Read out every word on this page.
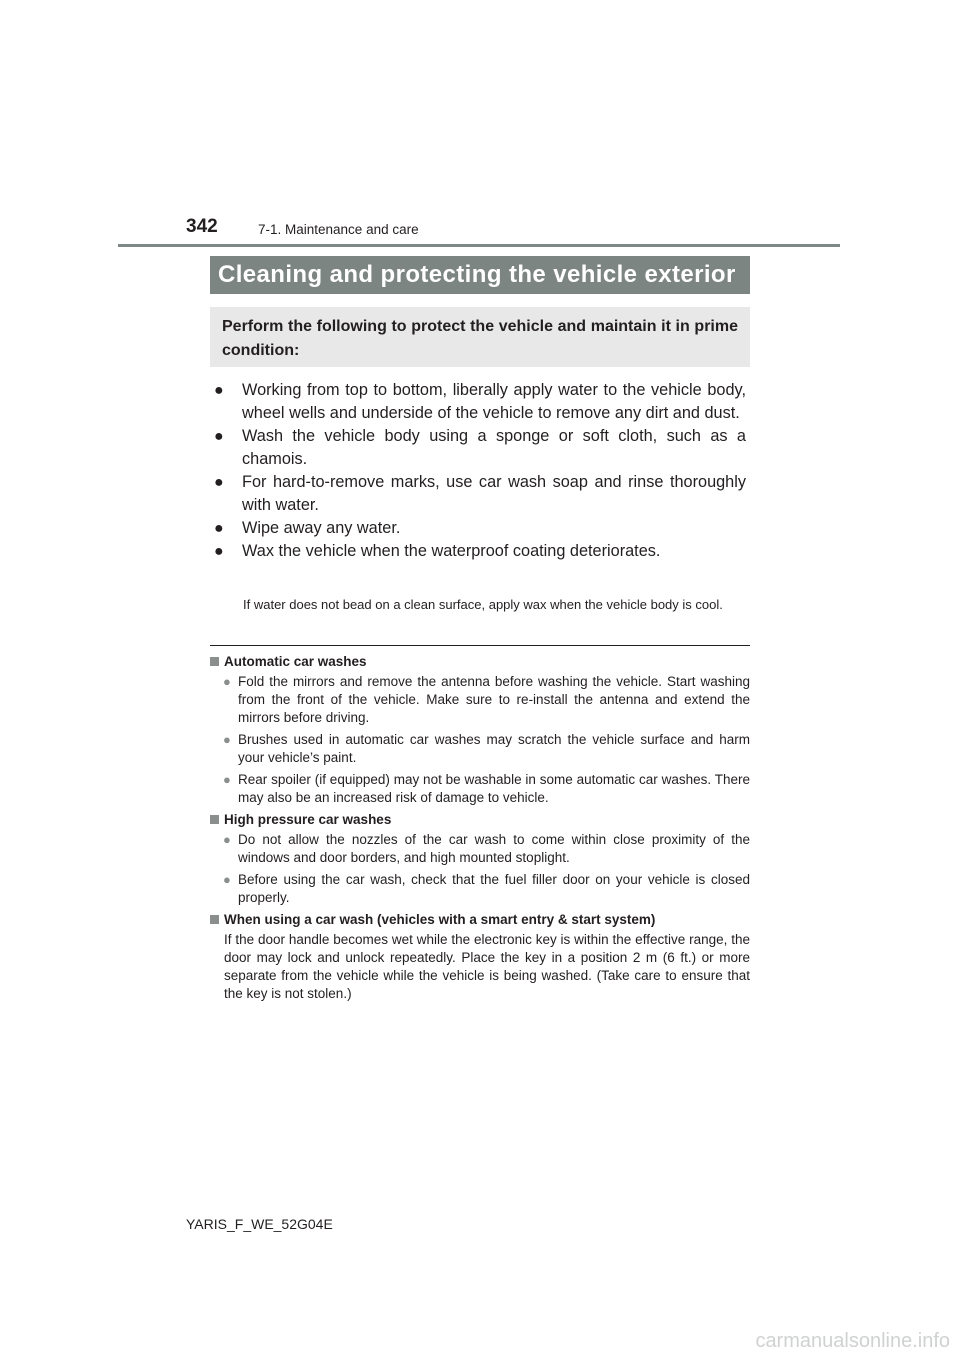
342	7-1. Maintenance and care
Cleaning and protecting the vehicle exterior
Perform the following to protect the vehicle and maintain it in prime condition:
● Working from top to bottom, liberally apply water to the vehicle body, wheel wells and underside of the vehicle to remove any dirt and dust.
● Wash the vehicle body using a sponge or soft cloth, such as a chamois.
● For hard-to-remove marks, use car wash soap and rinse thoroughly with water.
● Wipe away any water.
● Wax the vehicle when the waterproof coating deteriorates.
If water does not bead on a clean surface, apply wax when the vehicle body is cool.
Automatic car washes
● Fold the mirrors and remove the antenna before washing the vehicle. Start washing from the front of the vehicle. Make sure to re-install the antenna and extend the mirrors before driving.
● Brushes used in automatic car washes may scratch the vehicle surface and harm your vehicle’s paint.
● Rear spoiler (if equipped) may not be washable in some automatic car washes. There may also be an increased risk of damage to vehicle.
High pressure car washes
● Do not allow the nozzles of the car wash to come within close proximity of the windows and door borders, and high mounted stoplight.
● Before using the car wash, check that the fuel filler door on your vehicle is closed properly.
When using a car wash (vehicles with a smart entry & start system)
If the door handle becomes wet while the electronic key is within the effective range, the door may lock and unlock repeatedly. Place the key in a position 2 m (6 ft.) or more separate from the vehicle while the vehicle is being washed. (Take care to ensure that the key is not stolen.)
YARIS_F_WE_52G04E
carmanualsonline.info
